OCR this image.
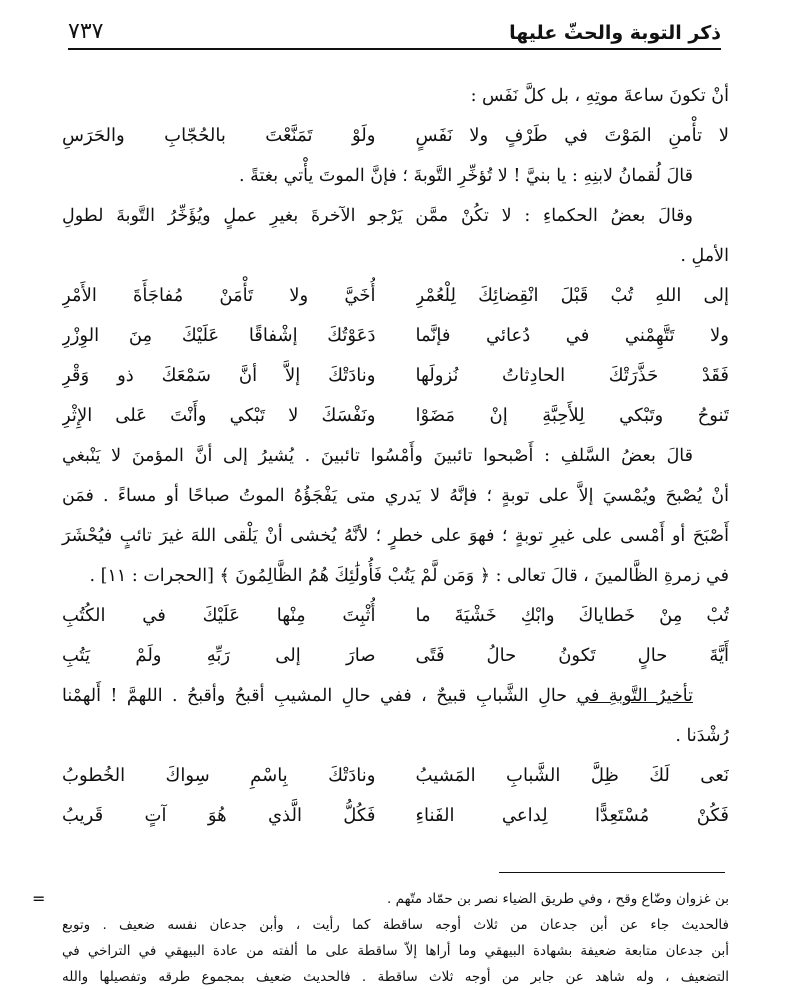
ذكر التوبة والحثّ عليها
٧٣٧

أنْ تكونَ ساعةَ موتِهِ ، بل كلَّ نَفَس :

لا تأْمنِ المَوْتَ في طَرْفٍ ولا نَفَسٍ
ولَوْ تَمَنَّعْتَ بالحُجّابِ والحَرَسِ

قالَ لُقمانُ لابنِهِ : يا بنيَّ ! لا تُؤخِّرِ التَّوبةَ ؛ فإنَّ الموتَ يأْتي بغتةً .

وقالَ بعضُ الحكماءِ : لا تكُنْ ممَّن يَرْجو الآخرةَ بغيرِ عملٍ ويُؤَخِّرُ التَّوبةَ لطولِ

الأملِ .

إلى اللهِ تُبْ قَبْلَ انْقِضائِكَ لِلْعُمْرِ
أُخَيَّ ولا تَأْمَنْ مُفاجَأَةَ الأَمْرِ
ولا تَتَّهِمْني في دُعائي فإنَّما
دَعَوْتُكَ إشْفاقًا عَلَيْكَ مِنَ الوِزْرِ
فَقَدْ حَذَّرَتْكَ الحادِثاتُ نُزولَها
ونادَتْكَ إلاَّ أنَّ سَمْعَكَ ذو وَقْرِ
تَنوحُ وتَبْكي لِلأَحِبَّةِ إنْ مَضَوْا
ونَفْسَكَ لا تَبْكي وأَنْتَ عَلى الإِثْرِ

قالَ بعضُ السَّلفِ : أَصْبحوا تائبينَ وأَمْسُوا تائبينَ . يُشيرُ إلى أنَّ المؤمنَ لا يَنْبغي

أنْ يُصْبحَ ويُمْسيَ إلاَّ على توبةٍ ؛ فإنَّهُ لا يَدري متى يَفْجَؤُهُ الموتُ صباحًا أو مساءً . فمَن

أَصْبَحَ أو أَمْسى على غيرِ توبةٍ ؛ فهوَ على خطرٍ ؛ لأنَّهُ يُخشى أنْ يَلْقى اللهَ غيرَ تائبٍ فيُحْشَرَ

في زمرةِ الظَّالمينَ ، قالَ تعالى : ﴿ وَمَن لَّمْ يَتُبْ فَأُولَٰئِكَ هُمُ الظَّالِمُونَ ﴾ [الحجرات : ١١] .

تُبْ مِنْ خَطاياكَ وابْكِ خَشْيَةَ ما
أُثْبِتَ مِنْها عَلَيْكَ في الكُتُبِ
أَيَّةَ حالٍ تَكونُ حالُ فَتًى
صارَ إلى رَبِّهِ ولَمْ يَتُبِ

تأخيرُ التَّوبةِ في حالِ الشَّبابِ قبيحٌ ، ففي حالِ المشيبِ أقبحُ وأقبحُ . اللهمَّ ! أَلهمْنا

رُشْدَنا .

نَعى لَكَ ظِلَّ الشَّبابِ المَشيبُ
ونادَتْكَ بِاسْمِ سِواكَ الخُطوبُ
فَكُنْ مُسْتَعِدًّا لِداعي الفَناءِ
فَكُلُّ الَّذي هُوَ آتٍ قَريبُ
=	بن غزوان وضّاع وقح ، وفي طريق الضياء نصر بن حمّاد متّهم .

فالحديث جاء عن أبن جدعان من ثلاث أوجه ساقطة كما رأيت ، وأبن جدعان نفسه ضعيف . وتوبع

أبن جدعان متابعة ضعيفة بشهادة البيهقي وما أراها إلاّ ساقطة على ما ألفته من عادة البيهقي في التراخي في

التضعيف ، وله شاهد عن جابر من أوجه ثلاث ساقطة . فالحديث ضعيف بمجموع طرقه وتفصيلها والله
